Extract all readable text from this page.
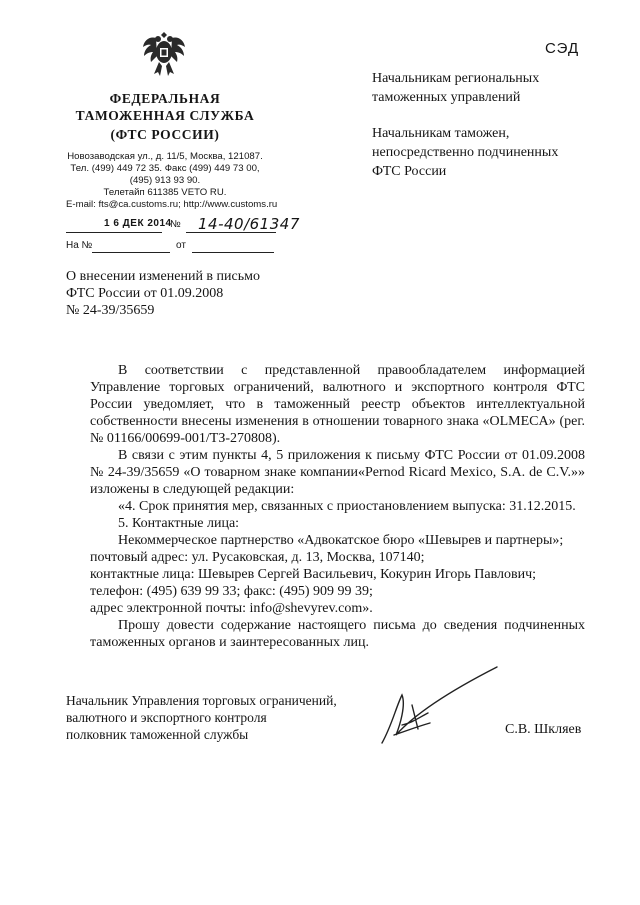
СЭД
ФЕДЕРАЛЬНАЯ
ТАМОЖЕННАЯ СЛУЖБА
(ФТС РОССИИ)
Новозаводская ул., д. 11/5, Москва, 121087.
Тел. (499) 449 72 35. Факс (499) 449 73 00,
(495) 913 93 90.
Телетайп 611385 VETO RU.
E-mail: fts@ca.customs.ru; http://www.customs.ru
1 6 ДЕК 2014
№ 14-40/61347
На №	от
Начальникам региональных
таможенных управлений
Начальникам таможен,
непосредственно подчиненных
ФТС России
О внесении изменений в письмо
ФТС России от 01.09.2008
№ 24-39/35659

В соответствии с представленной правообладателем информацией Управление торговых ограничений, валютного и экспортного контроля ФТС России уведомляет, что в таможенный реестр объектов интеллектуальной собственности внесены изменения в отношении товарного знака «OLMECA» (рег. № 01166/00699-001/ТЗ-270808).

В связи с этим пункты 4, 5 приложения к письму ФТС России от 01.09.2008 № 24-39/35659 «О товарном знаке компании«Pernod Ricard Mexico, S.A. de C.V.»» изложены в следующей редакции:

«4. Срок принятия мер, связанных с приостановлением выпуска: 31.12.2015.

5. Контактные лица:

Некоммерческое партнерство «Адвокатское бюро «Шевырев и партнеры»;

почтовый адрес: ул. Русаковская, д. 13, Москва, 107140;

контактные лица: Шевырев Сергей Васильевич, Кокурин Игорь Павлович;

телефон: (495) 639 99 33; факс: (495) 909 99 39;

адрес электронной почты: info@shevyrev.com».

Прошу довести содержание настоящего письма до сведения подчиненных таможенных органов и заинтересованных лиц.

Начальник Управления торговых ограничений,
валютного и экспортного контроля
полковник таможенной службы	С.В. Шкляев
